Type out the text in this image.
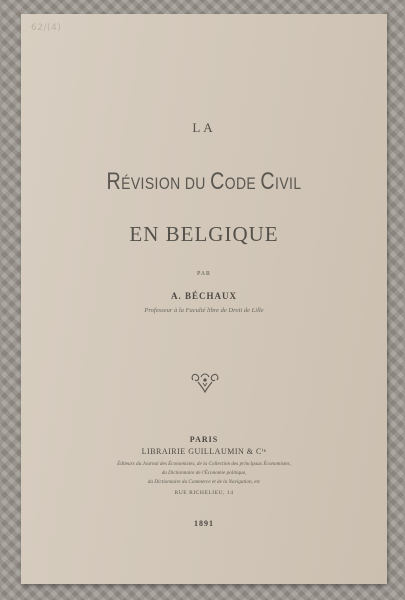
62/(4)
LA
RÉVISION DU CODE CIVIL
EN BELGIQUE
PAR
A. BÉCHAUX
Professeur à la Faculté libre de Droit de Lille
PARIS
LIBRAIRIE GUILLAUMIN & Cⁱᵉ
Éditeurs du Journal des Économistes, de la Collection des principaux Économistes,
du Dictionnaire de l'Économie politique,
du Dictionnaire du Commerce et de la Navigation, etc
RUE RICHELIEU, 14
1891
